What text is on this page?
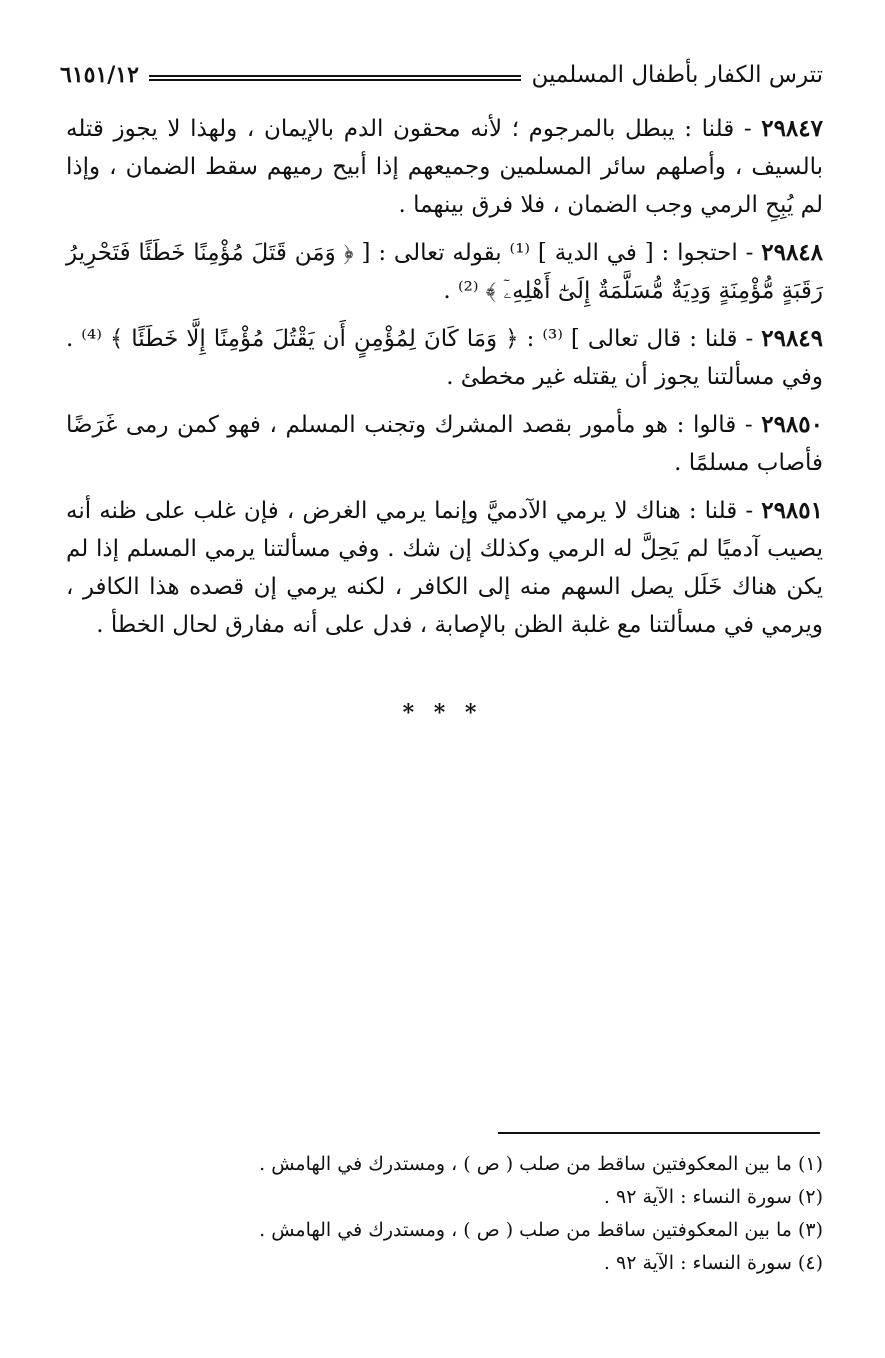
تترس الكفار بأطفال المسلمين
٦١٥١/١٢

٢٩٨٤٧ - قلنا : يبطل بالمرجوم ؛ لأنه محقون الدم بالإيمان ، ولهذا لا يجوز قتله بالسيف ، وأصلهم سائر المسلمين وجميعهم إذا أبيح رميهم سقط الضمان ، وإذا لم يُبِحِ الرمي وجب الضمان ، فلا فرق بينهما .

٢٩٨٤٨ - احتجوا : [ في الدية ] ⁽¹⁾ بقوله تعالى : [ ﴿ وَمَن قَتَلَ مُؤْمِنًا خَطَئًا فَتَحْرِيرُ رَقَبَةٍ مُّؤْمِنَةٍ وَدِيَةٌ مُّسَلَّمَةٌ إِلَىٰٓ أَهْلِهِۦٓ ﴾ ⁽²⁾ .

٢٩٨٤٩ - قلنا : قال تعالى ] ⁽³⁾ : ﴿ وَمَا كَانَ لِمُؤْمِنٍ أَن يَقْتُلَ مُؤْمِنًا إِلَّا خَطَئًا ﴾ ⁽⁴⁾ . وفي مسألتنا يجوز أن يقتله غير مخطئ .

٢٩٨٥٠ - قالوا : هو مأمور بقصد المشرك وتجنب المسلم ، فهو كمن رمى غَرَضًا فأصاب مسلمًا .

٢٩٨٥١ - قلنا : هناك لا يرمي الآدميَّ وإنما يرمي الغرض ، فإن غلب على ظنه أنه يصيب آدميًا لم يَحِلَّ له الرمي وكذلك إن شك . وفي مسألتنا يرمي المسلم إذا لم يكن هناك خَلَل يصل السهم منه إلى الكافر ، لكنه يرمي إن قصده هذا الكافر ، ويرمي في مسألتنا مع غلبة الظن بالإصابة ، فدل على أنه مفارق لحال الخطأ .

* * *

(١) ما بين المعكوفتين ساقط من صلب ( ص ) ، ومستدرك في الهامش .

(٢) سورة النساء : الآية ٩٢ .

(٣) ما بين المعكوفتين ساقط من صلب ( ص ) ، ومستدرك في الهامش .

(٤) سورة النساء : الآية ٩٢ .
